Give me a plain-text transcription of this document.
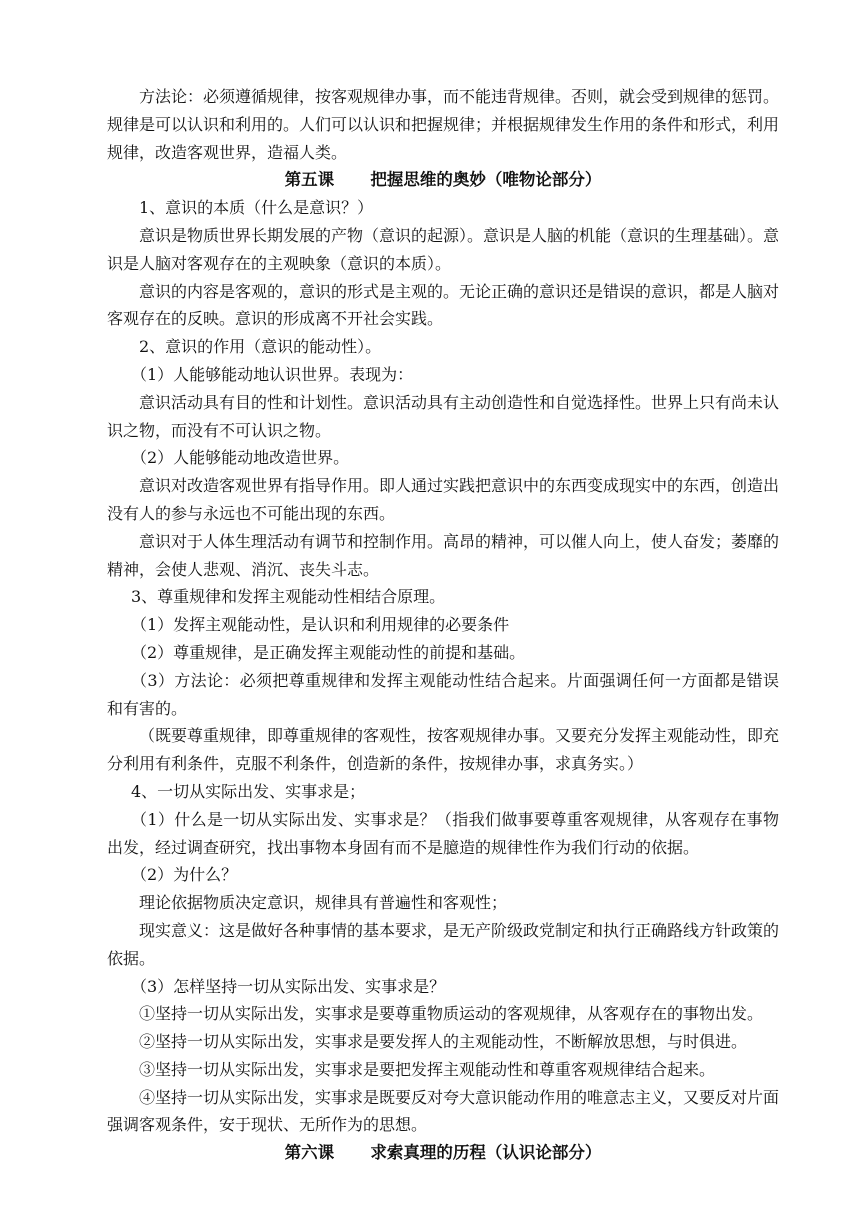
方法论：必须遵循规律，按客观规律办事，而不能违背规律。否则，就会受到规律的惩罚。规律是可以认识和利用的。人们可以认识和把握规律；并根据规律发生作用的条件和形式，利用规律，改造客观世界，造福人类。

第五课 把握思维的奥妙（唯物论部分）

1、意识的本质（什么是意识？）

意识是物质世界长期发展的产物（意识的起源）。意识是人脑的机能（意识的生理基础）。意识是人脑对客观存在的主观映象（意识的本质）。

意识的内容是客观的，意识的形式是主观的。无论正确的意识还是错误的意识，都是人脑对客观存在的反映。意识的形成离不开社会实践。

2、意识的作用（意识的能动性）。

（1）人能够能动地认识世界。表现为：

意识活动具有目的性和计划性。意识活动具有主动创造性和自觉选择性。世界上只有尚未认识之物，而没有不可认识之物。

（2）人能够能动地改造世界。

意识对改造客观世界有指导作用。即人通过实践把意识中的东西变成现实中的东西，创造出没有人的参与永远也不可能出现的东西。

意识对于人体生理活动有调节和控制作用。高昂的精神，可以催人向上，使人奋发；萎靡的精神，会使人悲观、消沉、丧失斗志。

3、尊重规律和发挥主观能动性相结合原理。

（1）发挥主观能动性，是认识和利用规律的必要条件

（2）尊重规律，是正确发挥主观能动性的前提和基础。

（3）方法论：必须把尊重规律和发挥主观能动性结合起来。片面强调任何一方面都是错误和有害的。

（既要尊重规律，即尊重规律的客观性，按客观规律办事。又要充分发挥主观能动性，即充分利用有利条件，克服不利条件，创造新的条件，按规律办事，求真务实。）

4、一切从实际出发、实事求是；

（1）什么是一切从实际出发、实事求是？（指我们做事要尊重客观规律，从客观存在事物出发，经过调查研究，找出事物本身固有而不是臆造的规律性作为我们行动的依据。

（2）为什么？

理论依据物质决定意识，规律具有普遍性和客观性；

现实意义：这是做好各种事情的基本要求，是无产阶级政党制定和执行正确路线方针政策的依据。

（3）怎样坚持一切从实际出发、实事求是？

①坚持一切从实际出发，实事求是要尊重物质运动的客观规律，从客观存在的事物出发。

②坚持一切从实际出发，实事求是要发挥人的主观能动性，不断解放思想，与时俱进。

③坚持一切从实际出发，实事求是要把发挥主观能动性和尊重客观规律结合起来。

④坚持一切从实际出发，实事求是既要反对夸大意识能动作用的唯意志主义，又要反对片面强调客观条件，安于现状、无所作为的思想。

第六课 求索真理的历程（认识论部分）
